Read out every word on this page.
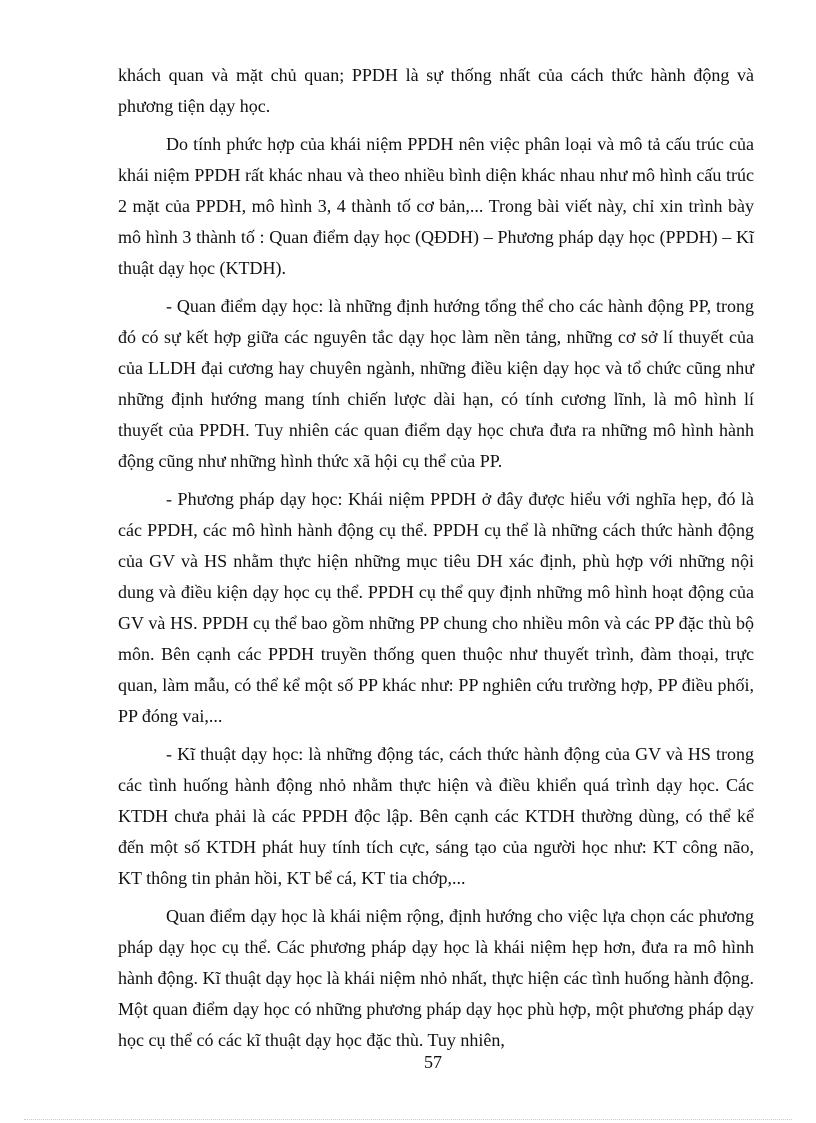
khách quan và mặt chủ quan; PPDH là sự thống nhất của cách thức hành động và phương tiện dạy học.

Do tính phức hợp của khái niệm PPDH nên việc phân loại và mô tả cấu trúc của khái niệm PPDH rất khác nhau và theo nhiều bình diện khác nhau như mô hình cấu trúc 2 mặt của PPDH, mô hình 3, 4 thành tố cơ bản,... Trong bài viết này, chỉ xin trình bày mô hình 3 thành tố : Quan điểm dạy học (QĐDH) – Phương pháp dạy học (PPDH) – Kĩ thuật dạy học (KTDH).

- Quan điểm dạy học: là những định hướng tổng thể cho các hành động PP, trong đó có sự kết hợp giữa các nguyên tắc dạy học làm nền tảng, những cơ sở lí thuyết của của LLDH đại cương hay chuyên ngành, những điều kiện dạy học và tổ chức cũng như những định hướng mang tính chiến lược dài hạn, có tính cương lĩnh, là mô hình lí thuyết của PPDH. Tuy nhiên các quan điểm dạy học chưa đưa ra những mô hình hành động cũng như những hình thức xã hội cụ thể của PP.

- Phương pháp dạy học: Khái niệm PPDH ở đây được hiểu với nghĩa hẹp, đó là các PPDH, các mô hình hành động cụ thể. PPDH cụ thể là những cách thức hành động của GV và HS nhằm thực hiện những mục tiêu DH xác định, phù hợp với những nội dung và điều kiện dạy học cụ thể. PPDH cụ thể quy định những mô hình hoạt động của GV và HS. PPDH cụ thể bao gồm những PP chung cho nhiều môn và các PP đặc thù bộ môn. Bên cạnh các PPDH truyền thống quen thuộc như thuyết trình, đàm thoại, trực quan, làm mẫu, có thể kể một số PP khác như: PP nghiên cứu trường hợp, PP điều phối, PP đóng vai,...

- Kĩ thuật dạy học: là những động tác, cách thức hành động của GV và HS trong các tình huống hành động nhỏ nhằm thực hiện và điều khiển quá trình dạy học. Các KTDH chưa phải là các PPDH độc lập. Bên cạnh các KTDH thường dùng, có thể kể đến một số KTDH phát huy tính tích cực, sáng tạo của người học như: KT công não, KT thông tin phản hồi, KT bể cá, KT tia chớp,...

Quan điểm dạy học là khái niệm rộng, định hướng cho việc lựa chọn các phương pháp dạy học cụ thể. Các phương pháp dạy học là khái niệm hẹp hơn, đưa ra mô hình hành động. Kĩ thuật dạy học là khái niệm nhỏ nhất, thực hiện các tình huống hành động. Một quan điểm dạy học có những phương pháp dạy học phù hợp, một phương pháp dạy học cụ thể có các kĩ thuật dạy học đặc thù. Tuy nhiên,

57
